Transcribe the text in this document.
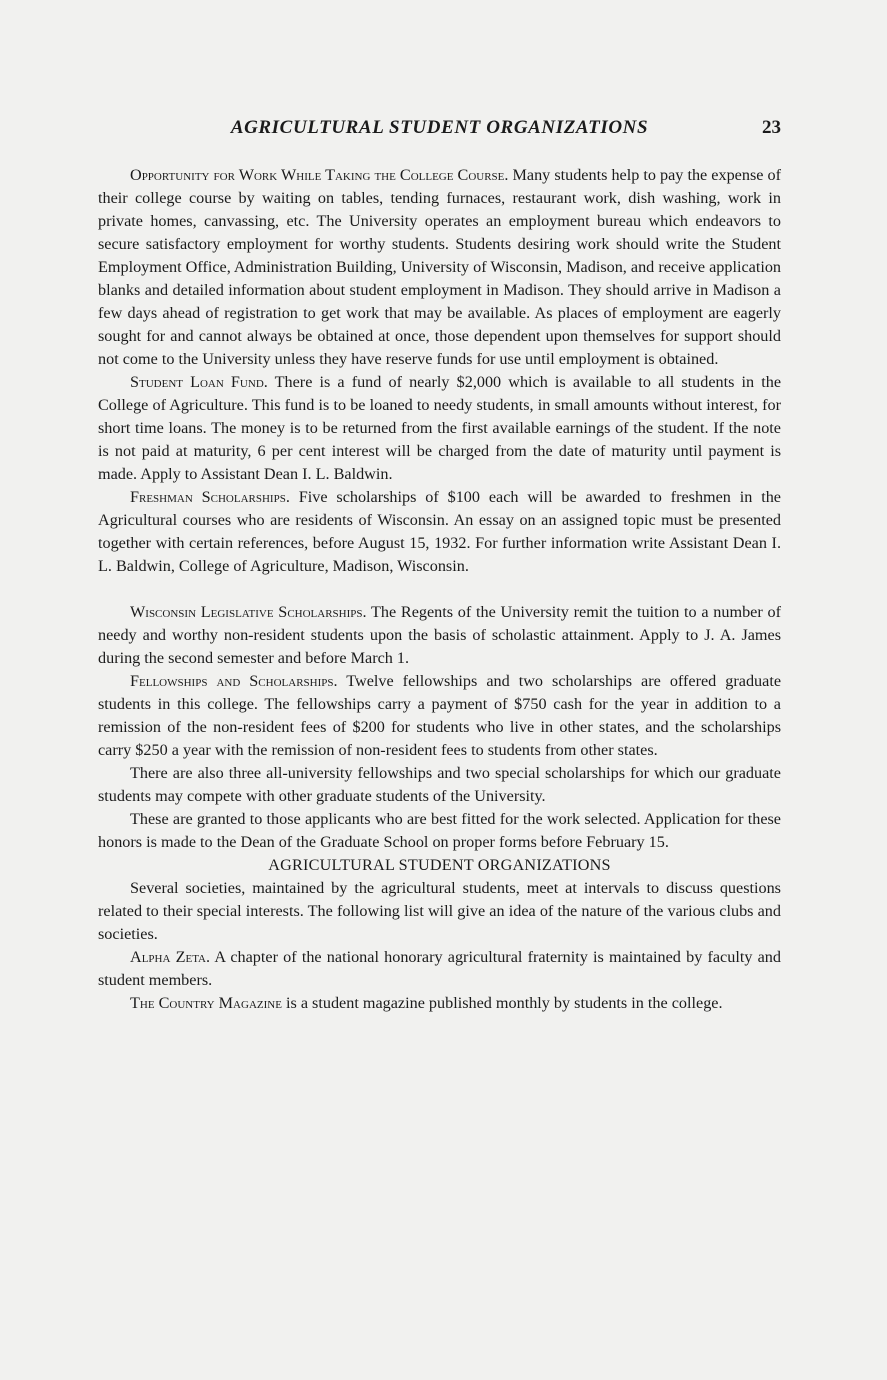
AGRICULTURAL STUDENT ORGANIZATIONS	23

Opportunity for Work While Taking the College Course. Many students help to pay the expense of their college course by waiting on tables, tending furnaces, restaurant work, dish washing, work in private homes, canvassing, etc. The University operates an employment bureau which endeavors to secure satisfactory employment for worthy students. Students desiring work should write the Student Employment Office, Administration Building, University of Wisconsin, Madison, and receive application blanks and detailed information about student employment in Madison. They should arrive in Madison a few days ahead of registration to get work that may be available. As places of employment are eagerly sought for and cannot always be obtained at once, those dependent upon themselves for support should not come to the University unless they have reserve funds for use until employment is obtained.

Student Loan Fund. There is a fund of nearly $2,000 which is available to all students in the College of Agriculture. This fund is to be loaned to needy students, in small amounts without interest, for short time loans. The money is to be returned from the first available earnings of the student. If the note is not paid at maturity, 6 per cent interest will be charged from the date of maturity until payment is made. Apply to Assistant Dean I. L. Baldwin.

Freshman Scholarships. Five scholarships of $100 each will be awarded to freshmen in the Agricultural courses who are residents of Wisconsin. An essay on an assigned topic must be presented together with certain references, before August 15, 1932. For further information write Assistant Dean I. L. Baldwin, College of Agriculture, Madison, Wisconsin.

Wisconsin Legislative Scholarships. The Regents of the University remit the tuition to a number of needy and worthy non-resident students upon the basis of scholastic attainment. Apply to J. A. James during the second semester and before March 1.

Fellowships and Scholarships. Twelve fellowships and two scholarships are offered graduate students in this college. The fellowships carry a payment of $750 cash for the year in addition to a remission of the non-resident fees of $200 for students who live in other states, and the scholarships carry $250 a year with the remission of non-resident fees to students from other states.

There are also three all-university fellowships and two special scholarships for which our graduate students may compete with other graduate students of the University.

These are granted to those applicants who are best fitted for the work selected. Application for these honors is made to the Dean of the Graduate School on proper forms before February 15.

AGRICULTURAL STUDENT ORGANIZATIONS

Several societies, maintained by the agricultural students, meet at intervals to discuss questions related to their special interests. The following list will give an idea of the nature of the various clubs and societies.

Alpha Zeta. A chapter of the national honorary agricultural fraternity is maintained by faculty and student members.

The Country Magazine is a student magazine published monthly by students in the college.
